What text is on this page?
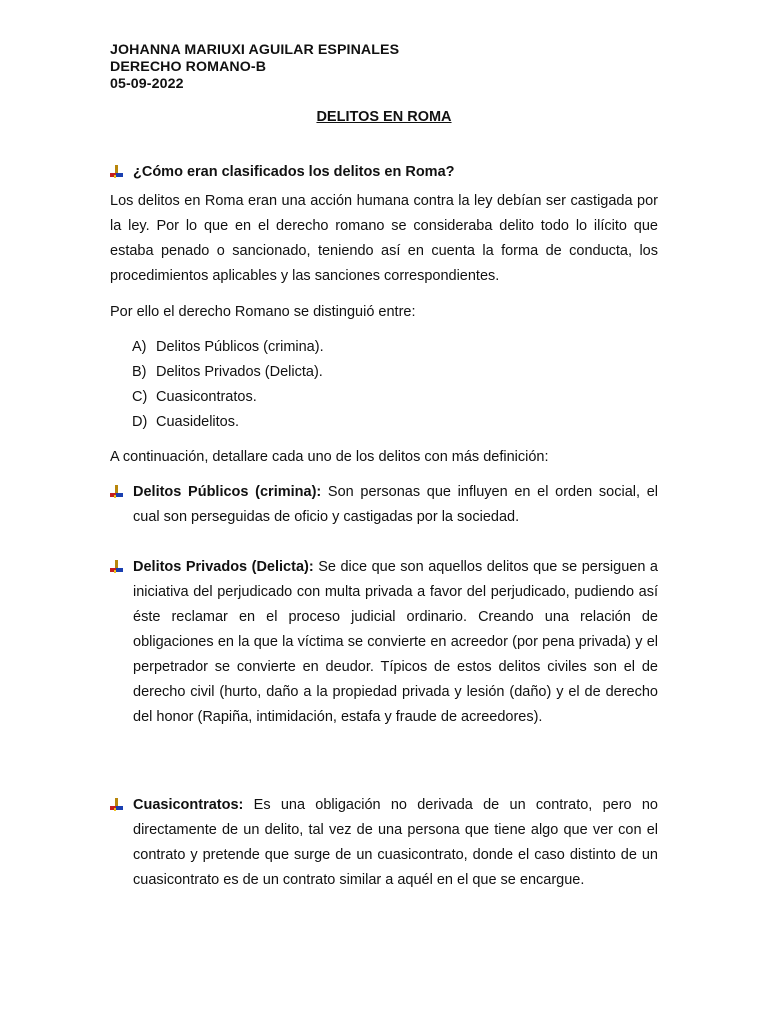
JOHANNA MARIUXI AGUILAR ESPINALES
DERECHO ROMANO-B
05-09-2022
DELITOS EN ROMA
¿Cómo eran clasificados los delitos en Roma?
Los delitos en Roma eran una acción humana contra la ley debían ser castigada por la ley. Por lo que en el derecho romano se consideraba delito todo lo ilícito que estaba penado o sancionado, teniendo así en cuenta la forma de conducta, los procedimientos aplicables y las sanciones correspondientes.
Por ello el derecho Romano se distinguió entre:
A) Delitos Públicos (crimina).
B) Delitos Privados (Delicta).
C) Cuasicontratos.
D) Cuasidelitos.
A continuación, detallare cada uno de los delitos con más definición:
Delitos Públicos (crimina): Son personas que influyen en el orden social, el cual son perseguidas de oficio y castigadas por la sociedad.
Delitos Privados (Delicta): Se dice que son aquellos delitos que se persiguen a iniciativa del perjudicado con multa privada a favor del perjudicado, pudiendo así éste reclamar en el proceso judicial ordinario. Creando una relación de obligaciones en la que la víctima se convierte en acreedor (por pena privada) y el perpetrador se convierte en deudor. Típicos de estos delitos civiles son el de derecho civil (hurto, daño a la propiedad privada y lesión (daño) y el de derecho del honor (Rapiña, intimidación, estafa y fraude de acreedores).
Cuasicontratos: Es una obligación no derivada de un contrato, pero no directamente de un delito, tal vez de una persona que tiene algo que ver con el contrato y pretende que surge de un cuasicontrato, donde el caso distinto de un cuasicontrato es de un contrato similar a aquél en el que se encargue.
